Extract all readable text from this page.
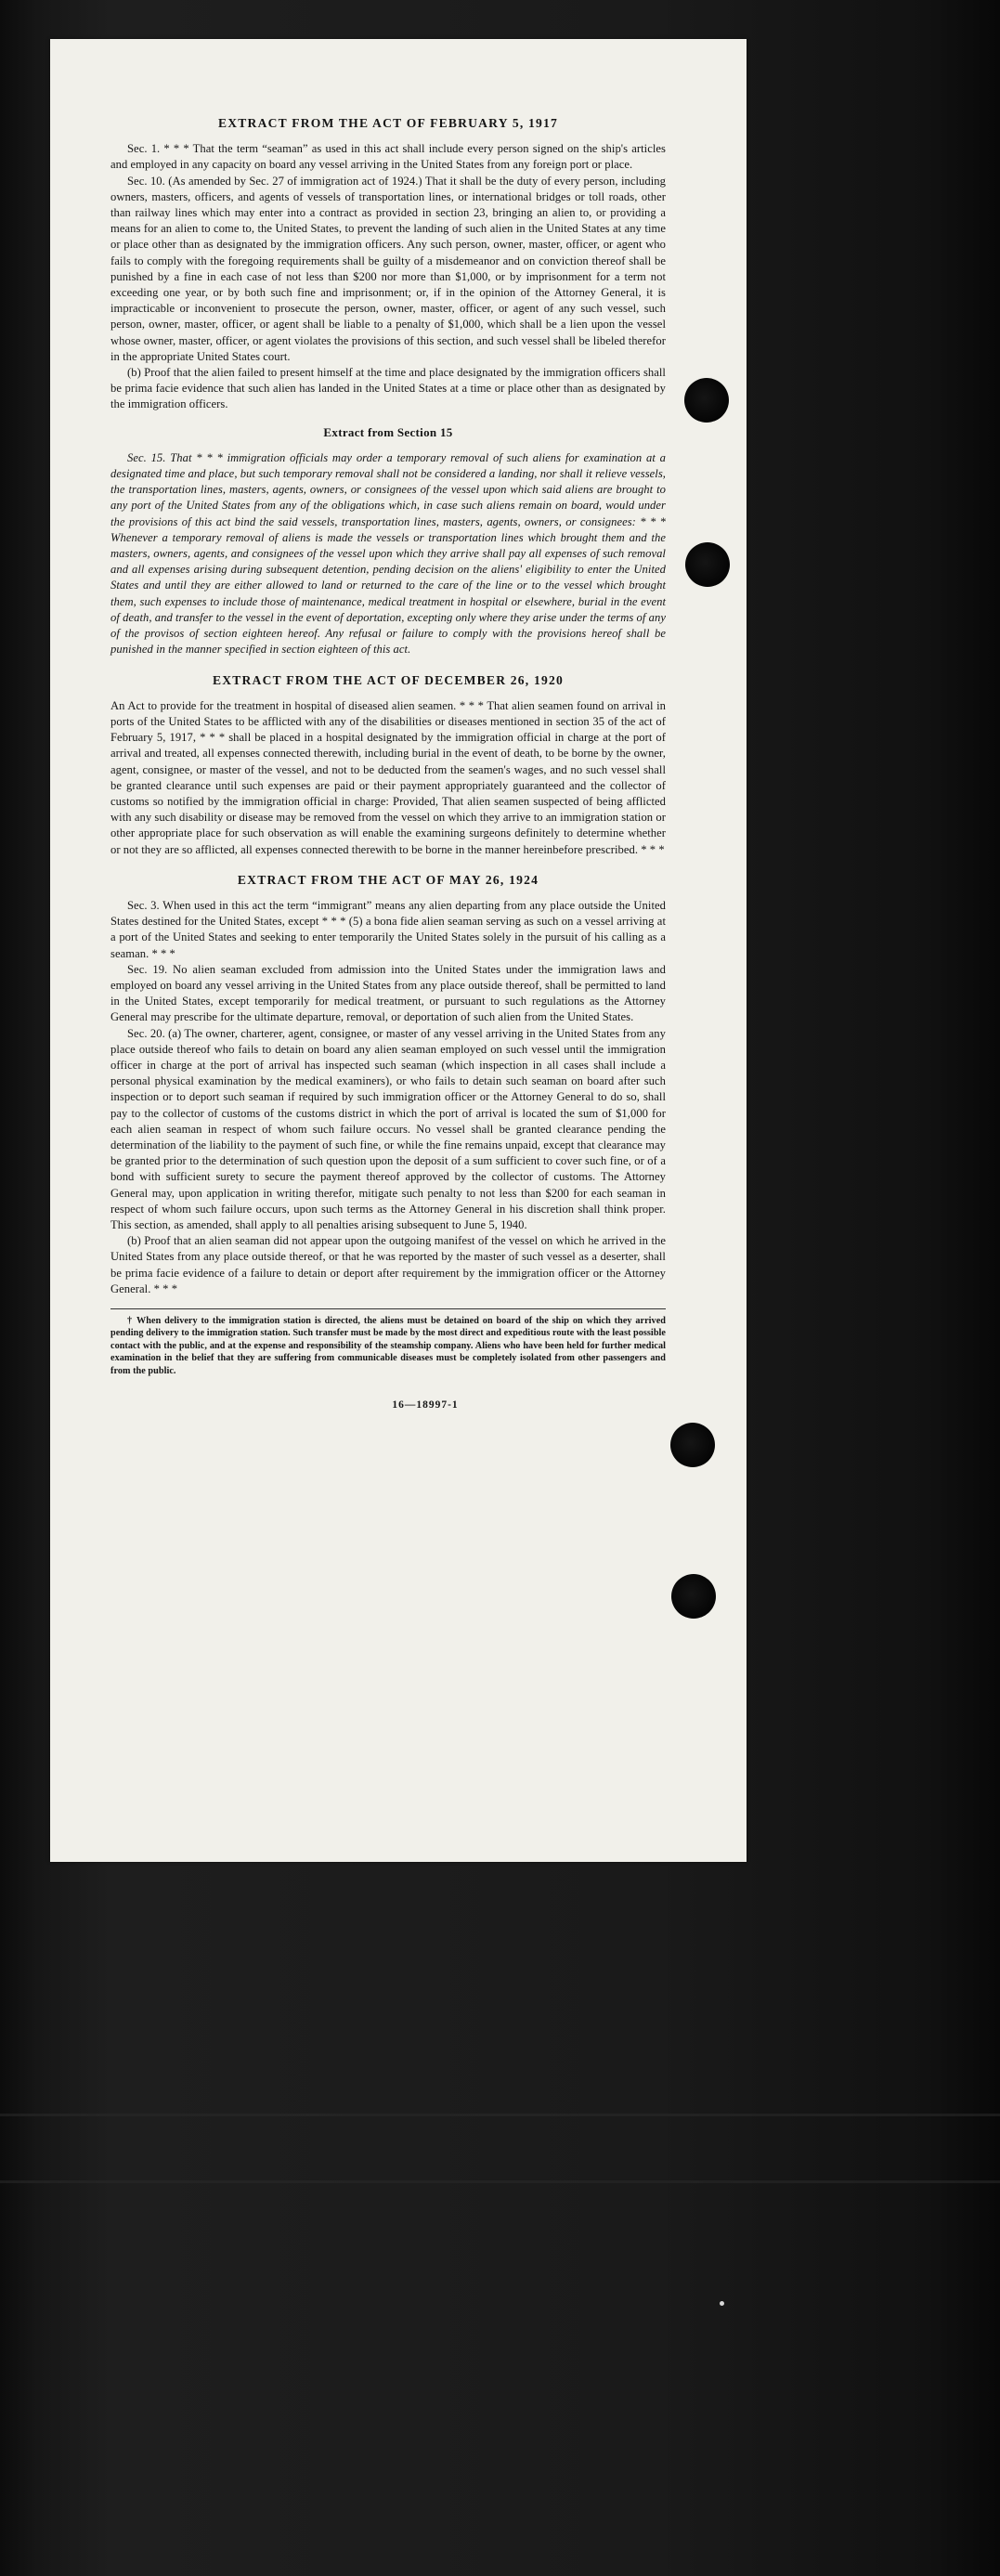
EXTRACT FROM THE ACT OF FEBRUARY 5, 1917

Sec. 1. * * * That the term “seaman” as used in this act shall include every person signed on the ship's articles and employed in any capacity on board any vessel arriving in the United States from any foreign port or place.

Sec. 10. (As amended by Sec. 27 of immigration act of 1924.) That it shall be the duty of every person, including owners, masters, officers, and agents of vessels of transportation lines, or international bridges or toll roads, other than railway lines which may enter into a contract as provided in section 23, bringing an alien to, or providing a means for an alien to come to, the United States, to prevent the landing of such alien in the United States at any time or place other than as designated by the immigration officers. Any such person, owner, master, officer, or agent who fails to comply with the foregoing requirements shall be guilty of a misdemeanor and on conviction thereof shall be punished by a fine in each case of not less than $200 nor more than $1,000, or by imprisonment for a term not exceeding one year, or by both such fine and imprisonment; or, if in the opinion of the Attorney General, it is impracticable or inconvenient to prosecute the person, owner, master, officer, or agent of any such vessel, such person, owner, master, officer, or agent shall be liable to a penalty of $1,000, which shall be a lien upon the vessel whose owner, master, officer, or agent violates the provisions of this section, and such vessel shall be libeled therefor in the appropriate United States court.

(b) Proof that the alien failed to present himself at the time and place designated by the immigration officers shall be prima facie evidence that such alien has landed in the United States at a time or place other than as designated by the immigration officers.

Extract from Section 15

Sec. 15. That * * * immigration officials may order a temporary removal of such aliens for examination at a designated time and place, but such temporary removal shall not be considered a landing, nor shall it relieve vessels, the transportation lines, masters, agents, owners, or consignees of the vessel upon which said aliens are brought to any port of the United States from any of the obligations which, in case such aliens remain on board, would under the provisions of this act bind the said vessels, transportation lines, masters, agents, owners, or consignees: * * * Whenever a temporary removal of aliens is made the vessels or transportation lines which brought them and the masters, owners, agents, and consignees of the vessel upon which they arrive shall pay all expenses of such removal and all expenses arising during subsequent detention, pending decision on the aliens' eligibility to enter the United States and until they are either allowed to land or returned to the care of the line or to the vessel which brought them, such expenses to include those of maintenance, medical treatment in hospital or elsewhere, burial in the event of death, and transfer to the vessel in the event of deportation, excepting only where they arise under the terms of any of the provisos of section eighteen hereof. Any refusal or failure to comply with the provisions hereof shall be punished in the manner specified in section eighteen of this act.

EXTRACT FROM THE ACT OF DECEMBER 26, 1920

An Act to provide for the treatment in hospital of diseased alien seamen. * * * That alien seamen found on arrival in ports of the United States to be afflicted with any of the disabilities or diseases mentioned in section 35 of the act of February 5, 1917, * * * shall be placed in a hospital designated by the immigration official in charge at the port of arrival and treated, all expenses connected therewith, including burial in the event of death, to be borne by the owner, agent, consignee, or master of the vessel, and not to be deducted from the seamen's wages, and no such vessel shall be granted clearance until such expenses are paid or their payment appropriately guaranteed and the collector of customs so notified by the immigration official in charge: Provided, That alien seamen suspected of being afflicted with any such disability or disease may be removed from the vessel on which they arrive to an immigration station or other appropriate place for such observation as will enable the examining surgeons definitely to determine whether or not they are so afflicted, all expenses connected therewith to be borne in the manner hereinbefore prescribed. * * *

EXTRACT FROM THE ACT OF MAY 26, 1924

Sec. 3. When used in this act the term “immigrant” means any alien departing from any place outside the United States destined for the United States, except * * * (5) a bona fide alien seaman serving as such on a vessel arriving at a port of the United States and seeking to enter temporarily the United States solely in the pursuit of his calling as a seaman. * * *

Sec. 19. No alien seaman excluded from admission into the United States under the immigration laws and employed on board any vessel arriving in the United States from any place outside thereof, shall be permitted to land in the United States, except temporarily for medical treatment, or pursuant to such regulations as the Attorney General may prescribe for the ultimate departure, removal, or deportation of such alien from the United States.

Sec. 20. (a) The owner, charterer, agent, consignee, or master of any vessel arriving in the United States from any place outside thereof who fails to detain on board any alien seaman employed on such vessel until the immigration officer in charge at the port of arrival has inspected such seaman (which inspection in all cases shall include a personal physical examination by the medical examiners), or who fails to detain such seaman on board after such inspection or to deport such seaman if required by such immigration officer or the Attorney General to do so, shall pay to the collector of customs of the customs district in which the port of arrival is located the sum of $1,000 for each alien seaman in respect of whom such failure occurs. No vessel shall be granted clearance pending the determination of the liability to the payment of such fine, or while the fine remains unpaid, except that clearance may be granted prior to the determination of such question upon the deposit of a sum sufficient to cover such fine, or of a bond with sufficient surety to secure the payment thereof approved by the collector of customs. The Attorney General may, upon application in writing therefor, mitigate such penalty to not less than $200 for each seaman in respect of whom such failure occurs, upon such terms as the Attorney General in his discretion shall think proper. This section, as amended, shall apply to all penalties arising subsequent to June 5, 1940.

(b) Proof that an alien seaman did not appear upon the outgoing manifest of the vessel on which he arrived in the United States from any place outside thereof, or that he was reported by the master of such vessel as a deserter, shall be prima facie evidence of a failure to detain or deport after requirement by the immigration officer or the Attorney General. * * *

† When delivery to the immigration station is directed, the aliens must be detained on board of the ship on which they arrived pending delivery to the immigration station. Such transfer must be made by the most direct and expeditious route with the least possible contact with the public, and at the expense and responsibility of the steamship company. Aliens who have been held for further medical examination in the belief that they are suffering from communicable diseases must be completely isolated from other passengers and from the public.

16—18997-1
